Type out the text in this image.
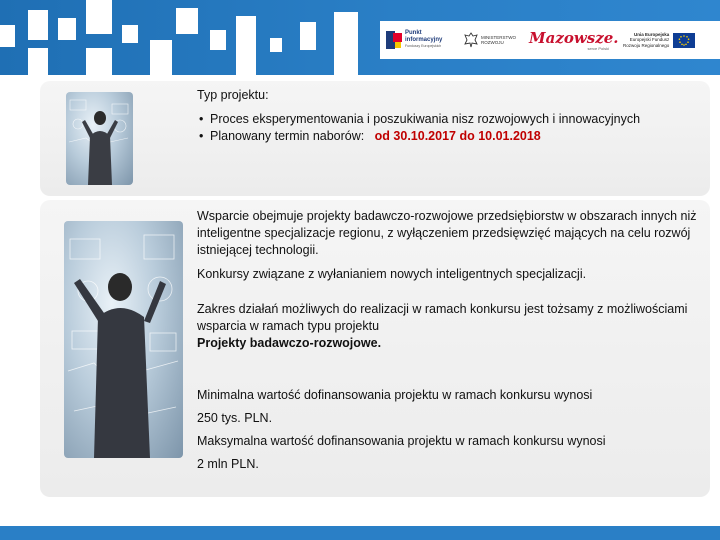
Punkt
informacyjny
Funduszy Europejskich
MINISTERSTWO
ROZWOJU	Mazowsze.
serce Polski
Unia Europejska
Europejski Fundusz
Rozwoju Regionalnego
Typ projektu:
• Proces eksperymentowania i poszukiwania nisz rozwojowych i innowacyjnych
• Planowany termin naborów: od 30.10.2017 do 10.01.2018
Wsparcie obejmuje projekty badawczo-rozwojowe przedsiębiorstw w obszarach innych niż inteligentne specjalizacje regionu, z wyłączeniem przedsięwzięć mających na celu rozwój istniejącej technologii.
Konkursy związane z wyłanianiem nowych inteligentnych specjalizacji.
Zakres działań możliwych do realizacji w ramach konkursu jest tożsamy z możliwościami wsparcia w ramach typu projektu
Projekty badawczo-rozwojowe.
Minimalna wartość dofinansowania projektu w ramach konkursu wynosi
250 tys. PLN.
Maksymalna wartość dofinansowania projektu w ramach konkursu wynosi
2 mln PLN.
